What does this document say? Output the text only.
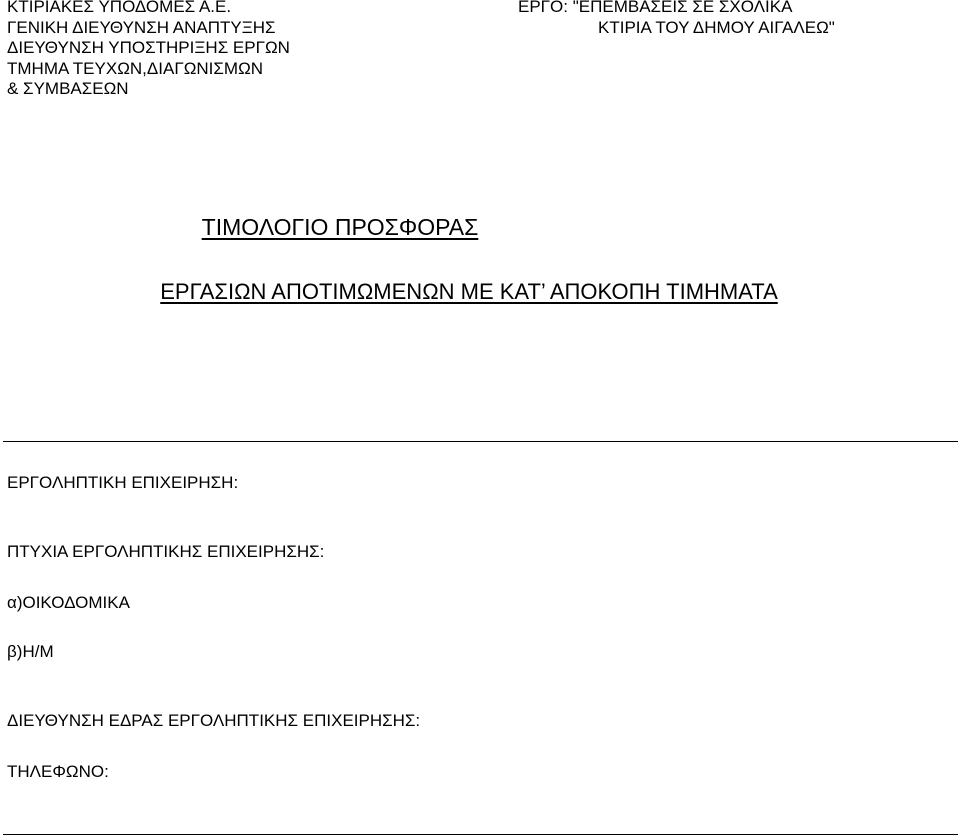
ΚΤΙΡΙΑΚΕΣ ΥΠΟΔΟΜΕΣ Α.Ε.
ΓΕΝΙΚΗ ΔΙΕΥΘΥΝΣΗ ΑΝΑΠΤΥΞΗΣ
ΔΙΕΥΘΥΝΣΗ ΥΠΟΣΤΗΡΙΞΗΣ ΕΡΓΩΝ
ΤΜΗΜΑ ΤΕΥΧΩΝ,ΔΙΑΓΩΝΙΣΜΩΝ
& ΣΥΜΒΑΣΕΩΝ
ΕΡΓΟ: "ΕΠΕΜΒΑΣΕΙΣ ΣΕ ΣΧΟΛΙΚΑ
ΚΤΙΡΙΑ ΤΟΥ ΔΗΜΟΥ ΑΙΓΑΛΕΩ"
ΤΙΜΟΛΟΓΙΟ ΠΡΟΣΦΟΡΑΣ
ΕΡΓΑΣΙΩΝ ΑΠΟΤΙΜΩΜΕΝΩΝ ΜΕ ΚΑΤ’ ΑΠΟΚΟΠΗ ΤΙΜΗΜΑΤΑ
ΕΡΓΟΛΗΠΤΙΚΗ ΕΠΙΧΕΙΡΗΣΗ:
ΠΤΥΧΙΑ ΕΡΓΟΛΗΠΤΙΚΗΣ ΕΠΙΧΕΙΡΗΣΗΣ:
α)ΟΙΚΟΔΟΜΙΚΑ
β)Η/Μ
ΔΙΕΥΘΥΝΣΗ ΕΔΡΑΣ ΕΡΓΟΛΗΠΤΙΚΗΣ ΕΠΙΧΕΙΡΗΣΗΣ:
ΤΗΛΕΦΩΝΟ:
